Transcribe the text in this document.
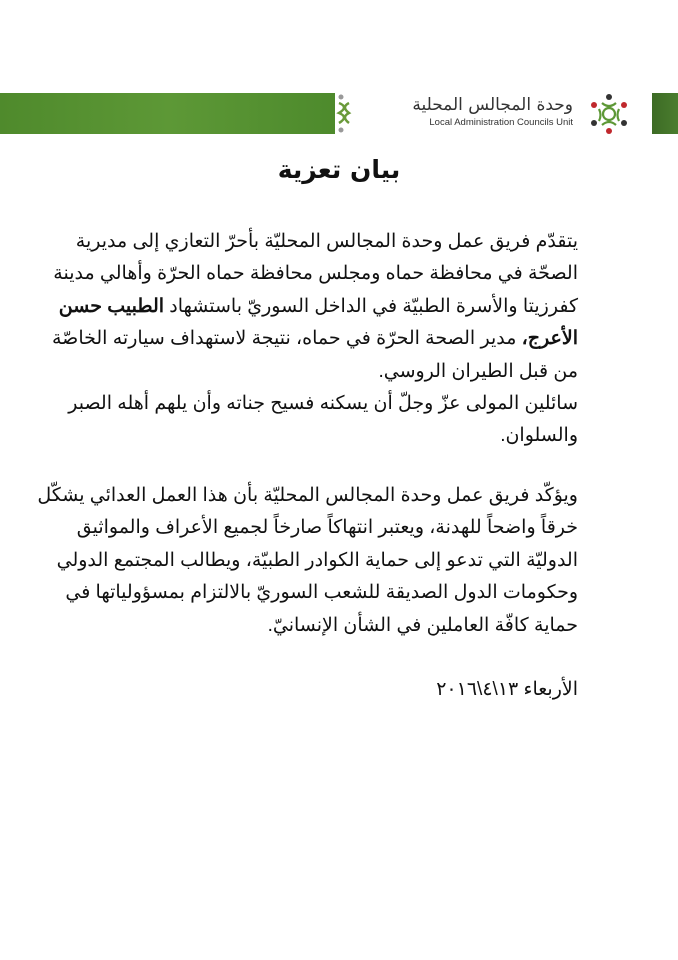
وحدة المجالس المحلية
Local Administration Councils Unit
بيان تعزية
يتقدّم فريق عمل وحدة المجالس المحليّة بأحرّ التعازي إلى مديرية
الصحّة في محافظة حماه ومجلس محافظة حماه الحرّة وأهالي مدينة
كفرزيتا والأسرة الطبيّة في الداخل السوريّ باستشهاد الطبيب حسن
الأعرج، مدير الصحة الحرّة في حماه، نتيجة لاستهداف سيارته الخاصّة
من قبل الطيران الروسي.
سائلين المولى عزّ وجلّ أن يسكنه فسيح جناته وأن يلهم أهله الصبر
والسلوان.
ويؤكّد فريق عمل وحدة المجالس المحليّة بأن هذا العمل العدائي يشكّل
خرقاً واضحاً للهدنة، ويعتبر انتهاكاً صارخاً لجميع الأعراف والمواثيق
الدوليّة التي تدعو إلى حماية الكوادر الطبيّة، ويطالب المجتمع الدولي
وحكومات الدول الصديقة للشعب السوريّ بالالتزام بمسؤولياتها في
حماية كافّة العاملين في الشأن الإنسانيّ.
الأربعاء ١٣\٤\٢٠١٦
